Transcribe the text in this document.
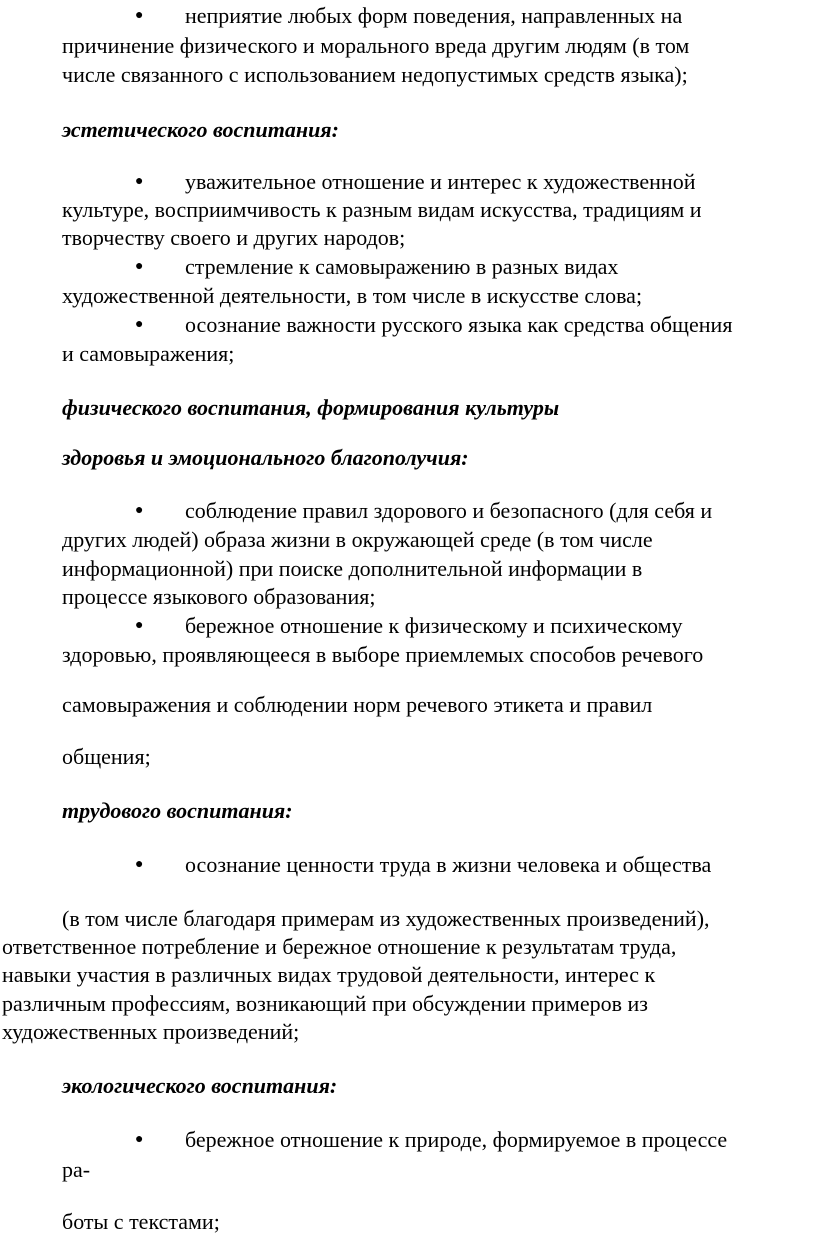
● неприятие любых форм поведения, направленных на
причинение физического и морального вреда другим людям (в том
числе связанного с использованием недопустимых средств языка);
эстетического воспитания:
● уважительное отношение и интерес к художественной
культуре, восприимчивость к разным видам искусства, традициям и
творчеству своего и других народов;
● стремление к самовыражению в разных видах
художественной деятельности, в том числе в искусстве слова;
● осознание важности русского языка как средства общения
и самовыражения;
физического воспитания, формирования культуры
здоровья и эмоционального благополучия:
● соблюдение правил здорового и безопасного (для себя и
других людей) образа жизни в окружающей среде (в том числе
информационной) при поиске дополнительной информации в
процессе языкового образования;
● бережное отношение к физическому и психическому
здоровью, проявляющееся в выборе приемлемых способов речевого
самовыражения и соблюдении норм речевого этикета и правил
общения;
трудового воспитания:
● осознание ценности труда в жизни человека и общества
(в том числе благодаря примерам из художественных произведений),
ответственное потребление и бережное отношение к результатам труда,
навыки участия в различных видах трудовой деятельности, интерес к
различным профессиям, возникающий при обсуждении примеров из
художественных произведений;
экологического воспитания:
● бережное отношение к природе, формируемое в процессе
ра-
боты с текстами;
